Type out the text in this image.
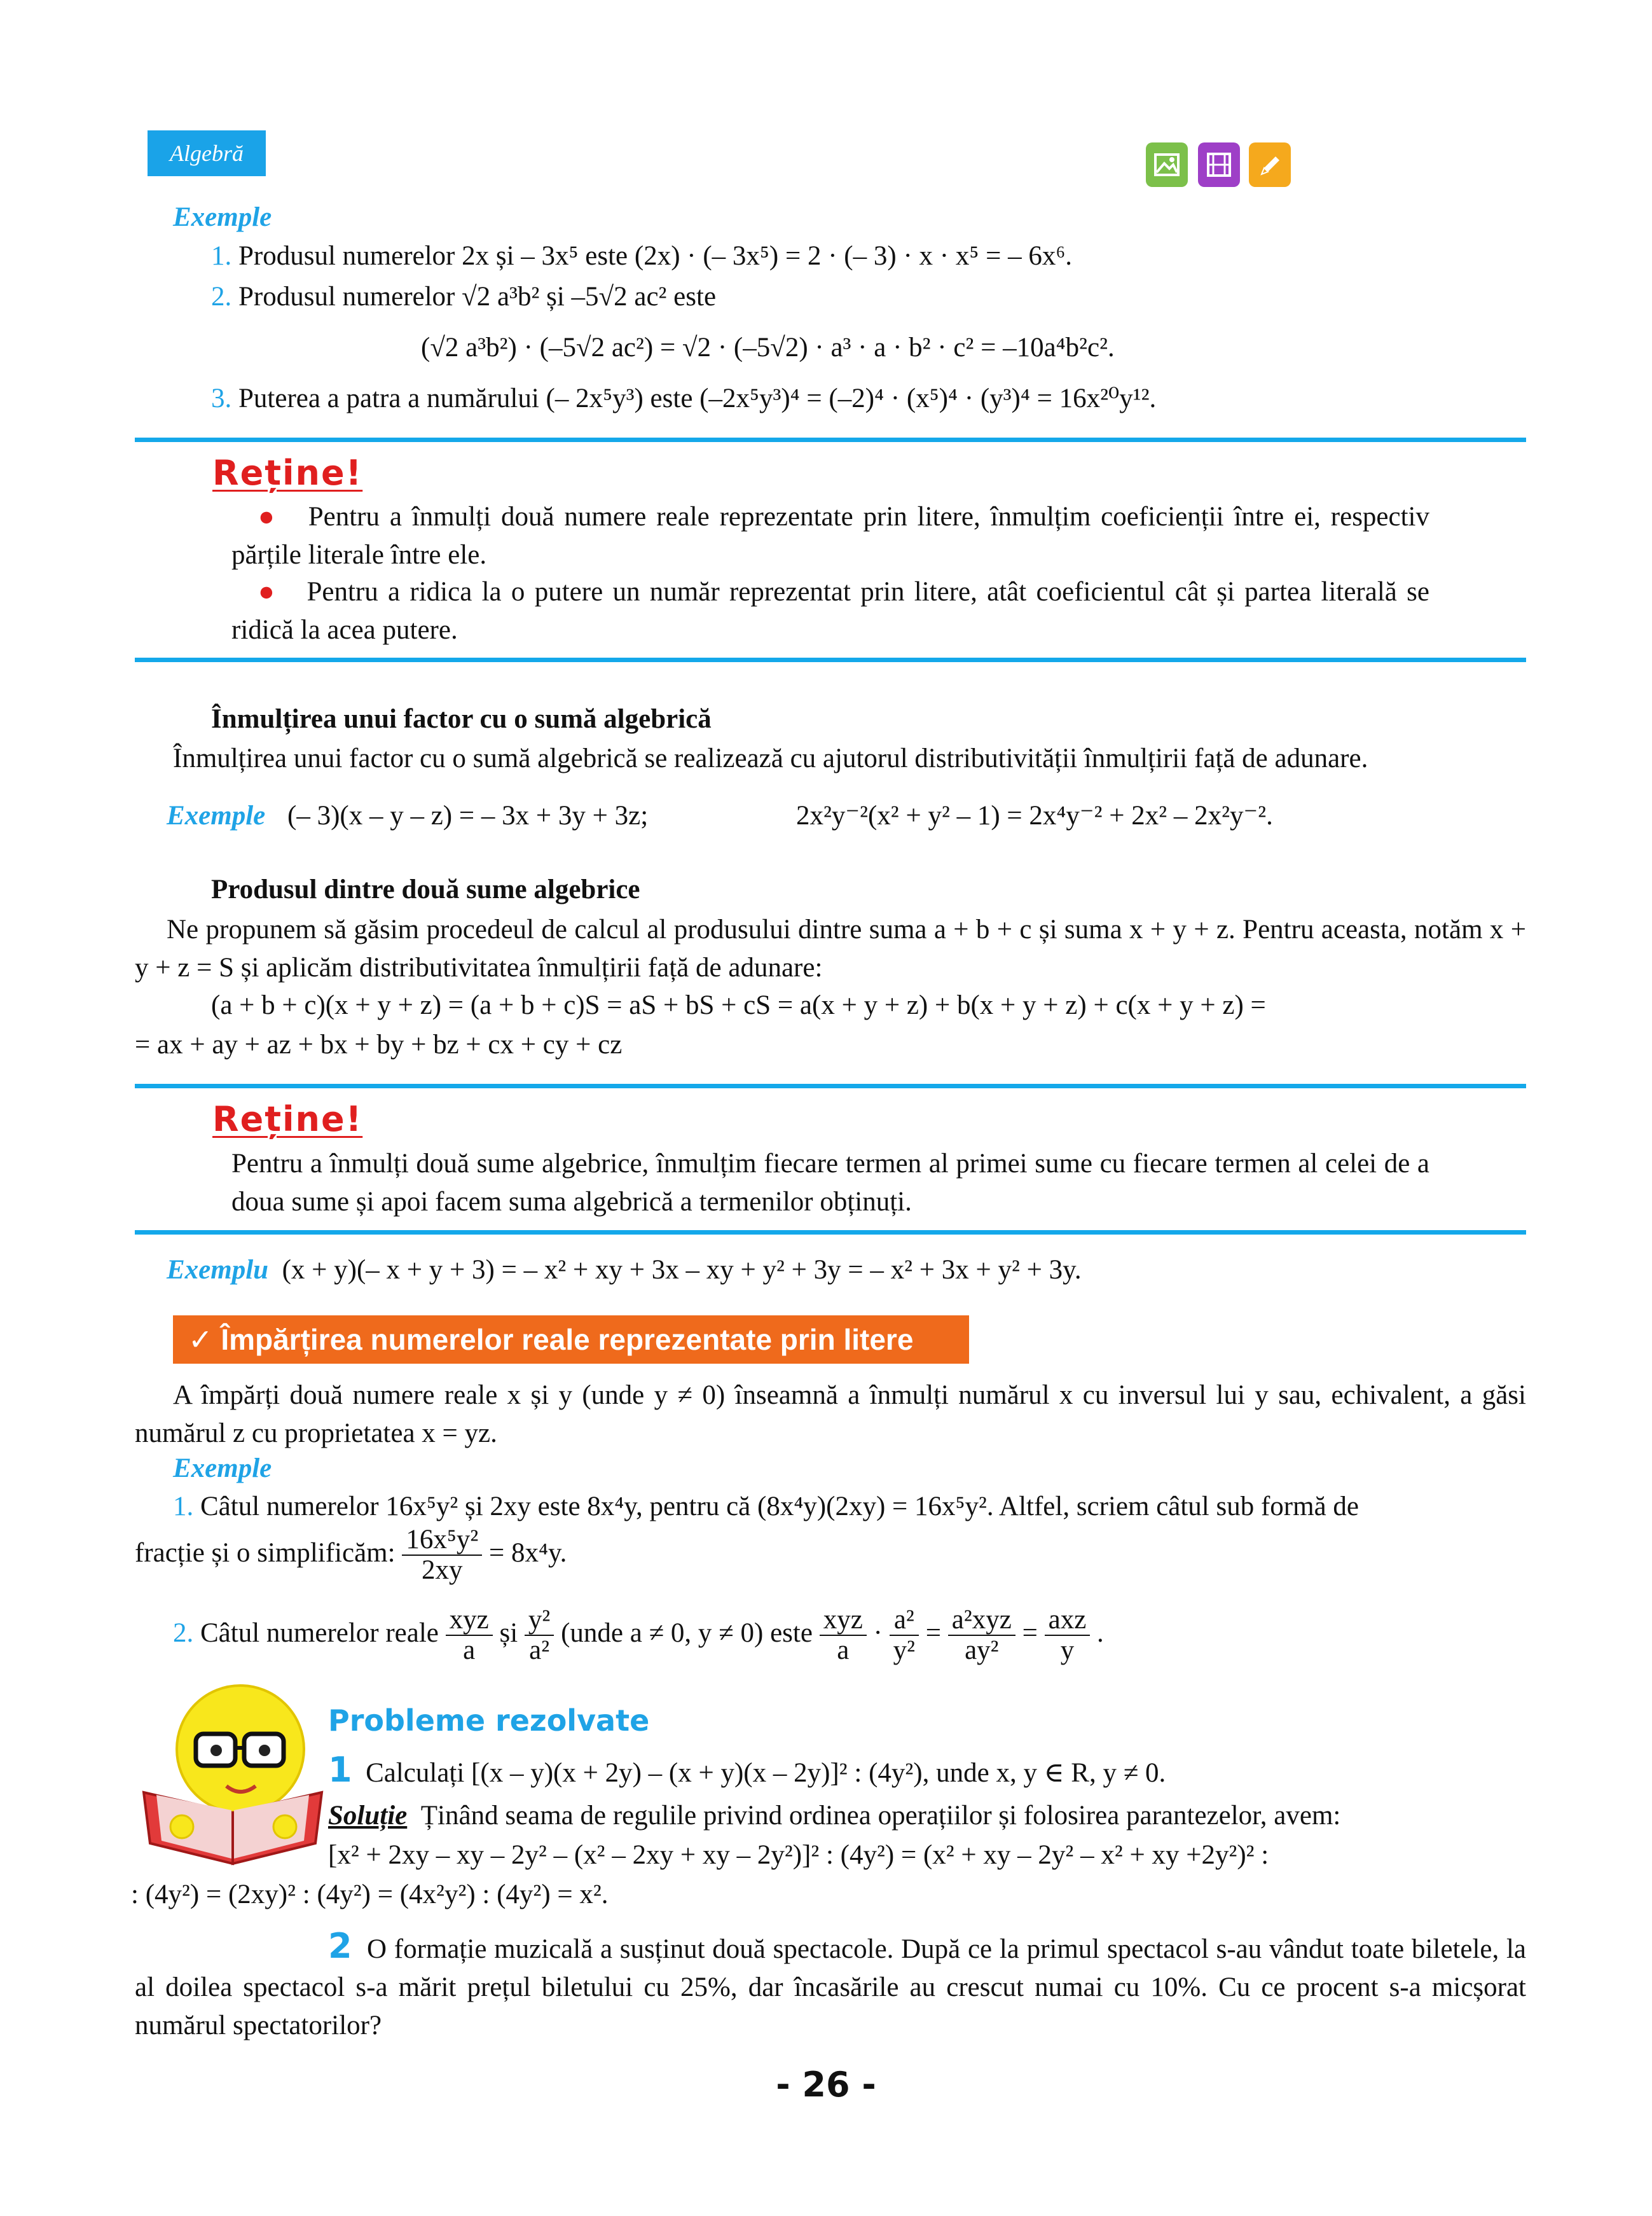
Algebră
Exemple
1. Produsul numerelor 2x și – 3x⁵ este (2x) · (– 3x⁵) = 2 · (– 3) · x · x⁵ = – 6x⁶.
2. Produsul numerelor √2 a³b² și –5√2 ac² este
(√2 a³b²) · (–5√2 ac²) = √2 · (–5√2) · a³ · a · b² · c² = –10a⁴b²c².
3. Puterea a patra a numărului (– 2x⁵y³) este (–2x⁵y³)⁴ = (–2)⁴ · (x⁵)⁴ · (y³)⁴ = 16x²⁰y¹².
Reține!
● Pentru a înmulți două numere reale reprezentate prin litere, înmulțim coeficienții între ei, respectiv părțile literale între ele.
● Pentru a ridica la o putere un număr reprezentat prin litere, atât coeficientul cât și partea literală se ridică la acea putere.
Înmulțirea unui factor cu o sumă algebrică
Înmulțirea unui factor cu o sumă algebrică se realizează cu ajutorul distributivității înmulțirii față de adunare.
Exemple (– 3)(x – y – z) = – 3x + 3y + 3z;	2x²y⁻²(x² + y² – 1) = 2x⁴y⁻² + 2x² – 2x²y⁻².
Produsul dintre două sume algebrice
Ne propunem să găsim procedeul de calcul al produsului dintre suma a + b + c și suma x + y + z. Pentru aceasta, notăm x + y + z = S și aplicăm distributivitatea înmulțirii față de adunare:
(a + b + c)(x + y + z) = (a + b + c)S = aS + bS + cS = a(x + y + z) + b(x + y + z) + c(x + y + z) =
= ax + ay + az + bx + by + bz + cx + cy + cz
Reține!
Pentru a înmulți două sume algebrice, înmulțim fiecare termen al primei sume cu fiecare termen al celei de a doua sume și apoi facem suma algebrică a termenilor obținuți.
Exemplu (x + y)(– x + y + 3) = – x² + xy + 3x – xy + y² + 3y = – x² + 3x + y² + 3y.
✓ Împărțirea numerelor reale reprezentate prin litere
A împărți două numere reale x și y (unde y ≠ 0) înseamnă a înmulți numărul x cu inversul lui y sau, echivalent, a găsi numărul z cu proprietatea x = yz.
Exemple
1. Câtul numerelor 16x⁵y² și 2xy este 8x⁴y, pentru că (8x⁴y)(2xy) = 16x⁵y². Altfel, scriem câtul sub formă de
fracție și o simplificăm: $\frac{\text{16x⁵y²}}{2xy} = 8x^4y$.
2. Câtul numerelor reale $\frac{\text{xyz}}{a}$ și $\frac{\text{y²}}{\text{a²}}$ (unde a ≠ 0, y ≠ 0) este $\frac{\text{xyz}}{a} \cdot \frac{\text{a²}}{\text{y²}} = \frac{\text{a²xyz}}{\text{ay²}} = \frac{\text{axz}}{y}$ .
Probleme rezolvate
1 Calculați [(x – y)(x + 2y) – (x + y)(x – 2y)]² : (4y²), unde x, y ∈ R, y ≠ 0.
Soluție Ținând seama de regulile privind ordinea operațiilor și folosirea parantezelor, avem:
[x² + 2xy – xy – 2y² – (x² – 2xy + xy – 2y²)]² : (4y²) = (x² + xy – 2y² – x² + xy +2y²)² :
: (4y²) = (2xy)² : (4y²) = (4x²y²) : (4y²) = x².
2 O formație muzicală a susținut două spectacole. După ce la primul spectacol s-au vândut toate biletele, la al doilea spectacol s-a mărit prețul biletului cu 25%, dar încasările au crescut numai cu 10%. Cu ce procent s-a micșorat numărul spectatorilor?
- 26 -
